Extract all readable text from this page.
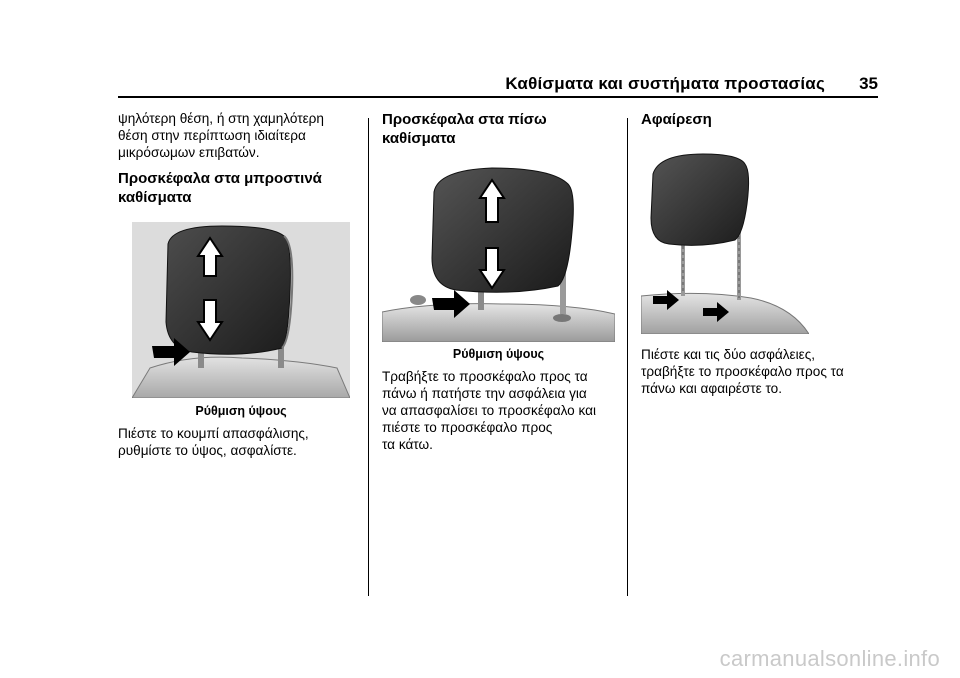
Καθίσματα και συστήματα προστασίας	35
ψηλότερη θέση, ή στη χαμηλότερη
θέση στην περίπτωση ιδιαίτερα
μικρόσωμων επιβατών.
Προσκέφαλα στα μπροστινά
καθίσματα
Ρύθμιση ύψους
Πιέστε το κουμπί απασφάλισης,
ρυθμίστε το ύψος, ασφαλίστε.
Προσκέφαλα στα πίσω
καθίσματα
Ρύθμιση ύψους
Τραβήξτε το προσκέφαλο προς τα
πάνω ή πατήστε την ασφάλεια για
να απασφαλίσει το προσκέφαλο και
πιέστε το προσκέφαλο προς
τα κάτω.
Αφαίρεση
Πιέστε και τις δύο ασφάλειες,
τραβήξτε το προσκέφαλο προς τα
πάνω και αφαιρέστε το.
carmanualsonline.info
